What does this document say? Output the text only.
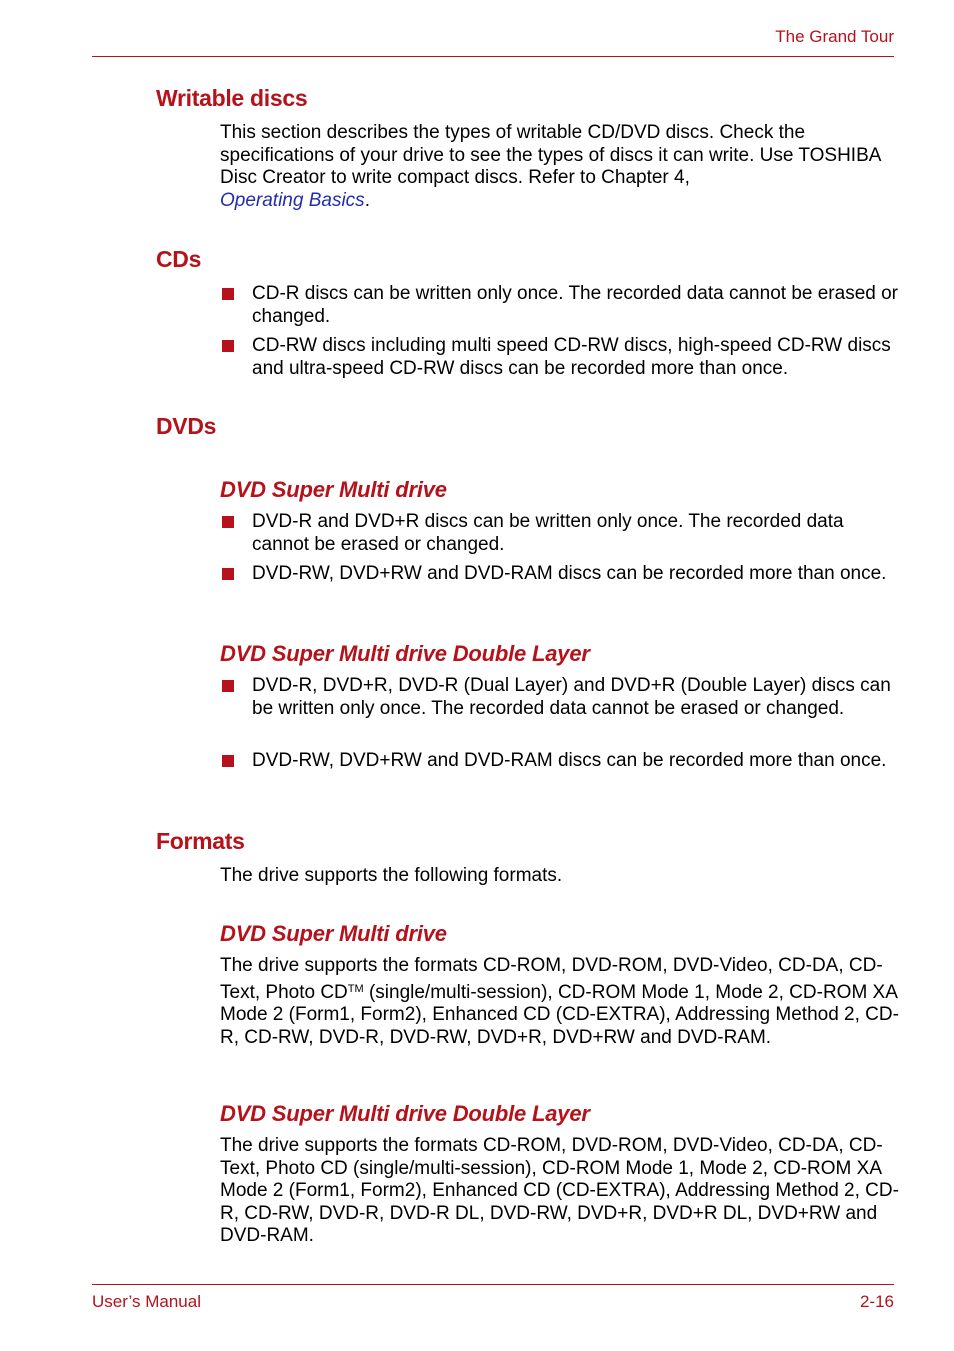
The Grand Tour
Writable discs

This section describes the types of writable CD/DVD discs. Check the specifications of your drive to see the types of discs it can write. Use TOSHIBA Disc Creator to write compact discs. Refer to Chapter 4,
Operating Basics.

CDs
CD-R discs can be written only once. The recorded data cannot be erased or changed.
CD-RW discs including multi speed CD-RW discs, high-speed CD-RW discs and ultra-speed CD-RW discs can be recorded more than once.
DVDs
DVD Super Multi drive
DVD-R and DVD+R discs can be written only once. The recorded data cannot be erased or changed.
DVD-RW, DVD+RW and DVD-RAM discs can be recorded more than once.
DVD Super Multi drive Double Layer
DVD-R, DVD+R, DVD-R (Dual Layer) and DVD+R (Double Layer) discs can be written only once. The recorded data cannot be erased or changed.
DVD-RW, DVD+RW and DVD-RAM discs can be recorded more than once.
Formats

The drive supports the following formats.

DVD Super Multi drive

The drive supports the formats CD-ROM, DVD-ROM, DVD-Video, CD-DA, CD-Text, Photo CD™ (single/multi-session), CD-ROM Mode 1, Mode 2, CD-ROM XA Mode 2 (Form1, Form2), Enhanced CD (CD-EXTRA), Addressing Method 2, CD-R, CD-RW, DVD-R, DVD-RW, DVD+R, DVD+RW and DVD-RAM.

DVD Super Multi drive Double Layer

The drive supports the formats CD-ROM, DVD-ROM, DVD-Video, CD-DA, CD-Text, Photo CD (single/multi-session), CD-ROM Mode 1, Mode 2, CD-ROM XA Mode 2 (Form1, Form2), Enhanced CD (CD-EXTRA), Addressing Method 2, CD-R, CD-RW, DVD-R, DVD-R DL, DVD-RW, DVD+R, DVD+R DL, DVD+RW and DVD-RAM.

User’s Manual	2-16
